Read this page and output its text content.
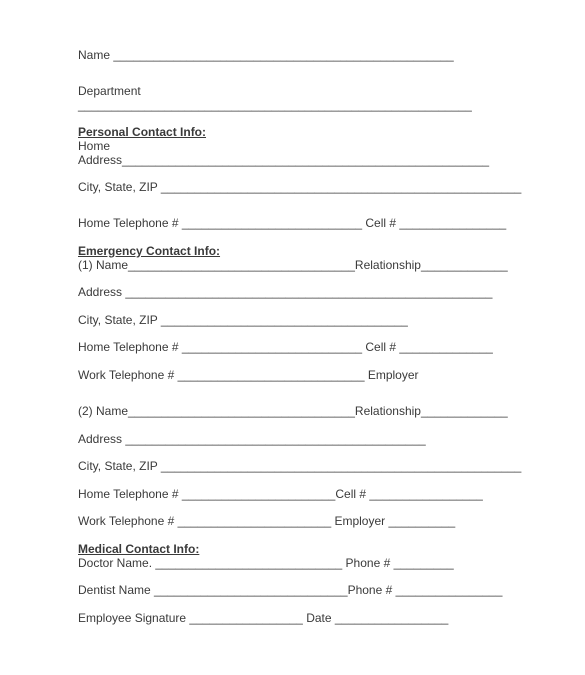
Name ___________________________________________________
Department
___________________________________________________________
Personal Contact Info:
Home
Address_______________________________________________________
City, State, ZIP ______________________________________________________
Home Telephone # ___________________________ Cell # ________________
Emergency Contact Info:
(1) Name__________________________________Relationship_____________
Address _______________________________________________________
City, State, ZIP _____________________________________
Home Telephone # ___________________________ Cell # ______________
Work Telephone # ____________________________ Employer
(2) Name__________________________________Relationship_____________
Address _____________________________________________
City, State, ZIP ______________________________________________________
Home Telephone # _______________________Cell # _________________
Work Telephone # _______________________ Employer __________
Medical Contact Info:
Doctor Name. ____________________________ Phone # _________
Dentist Name _____________________________Phone # ________________
Employee Signature _________________ Date _________________
